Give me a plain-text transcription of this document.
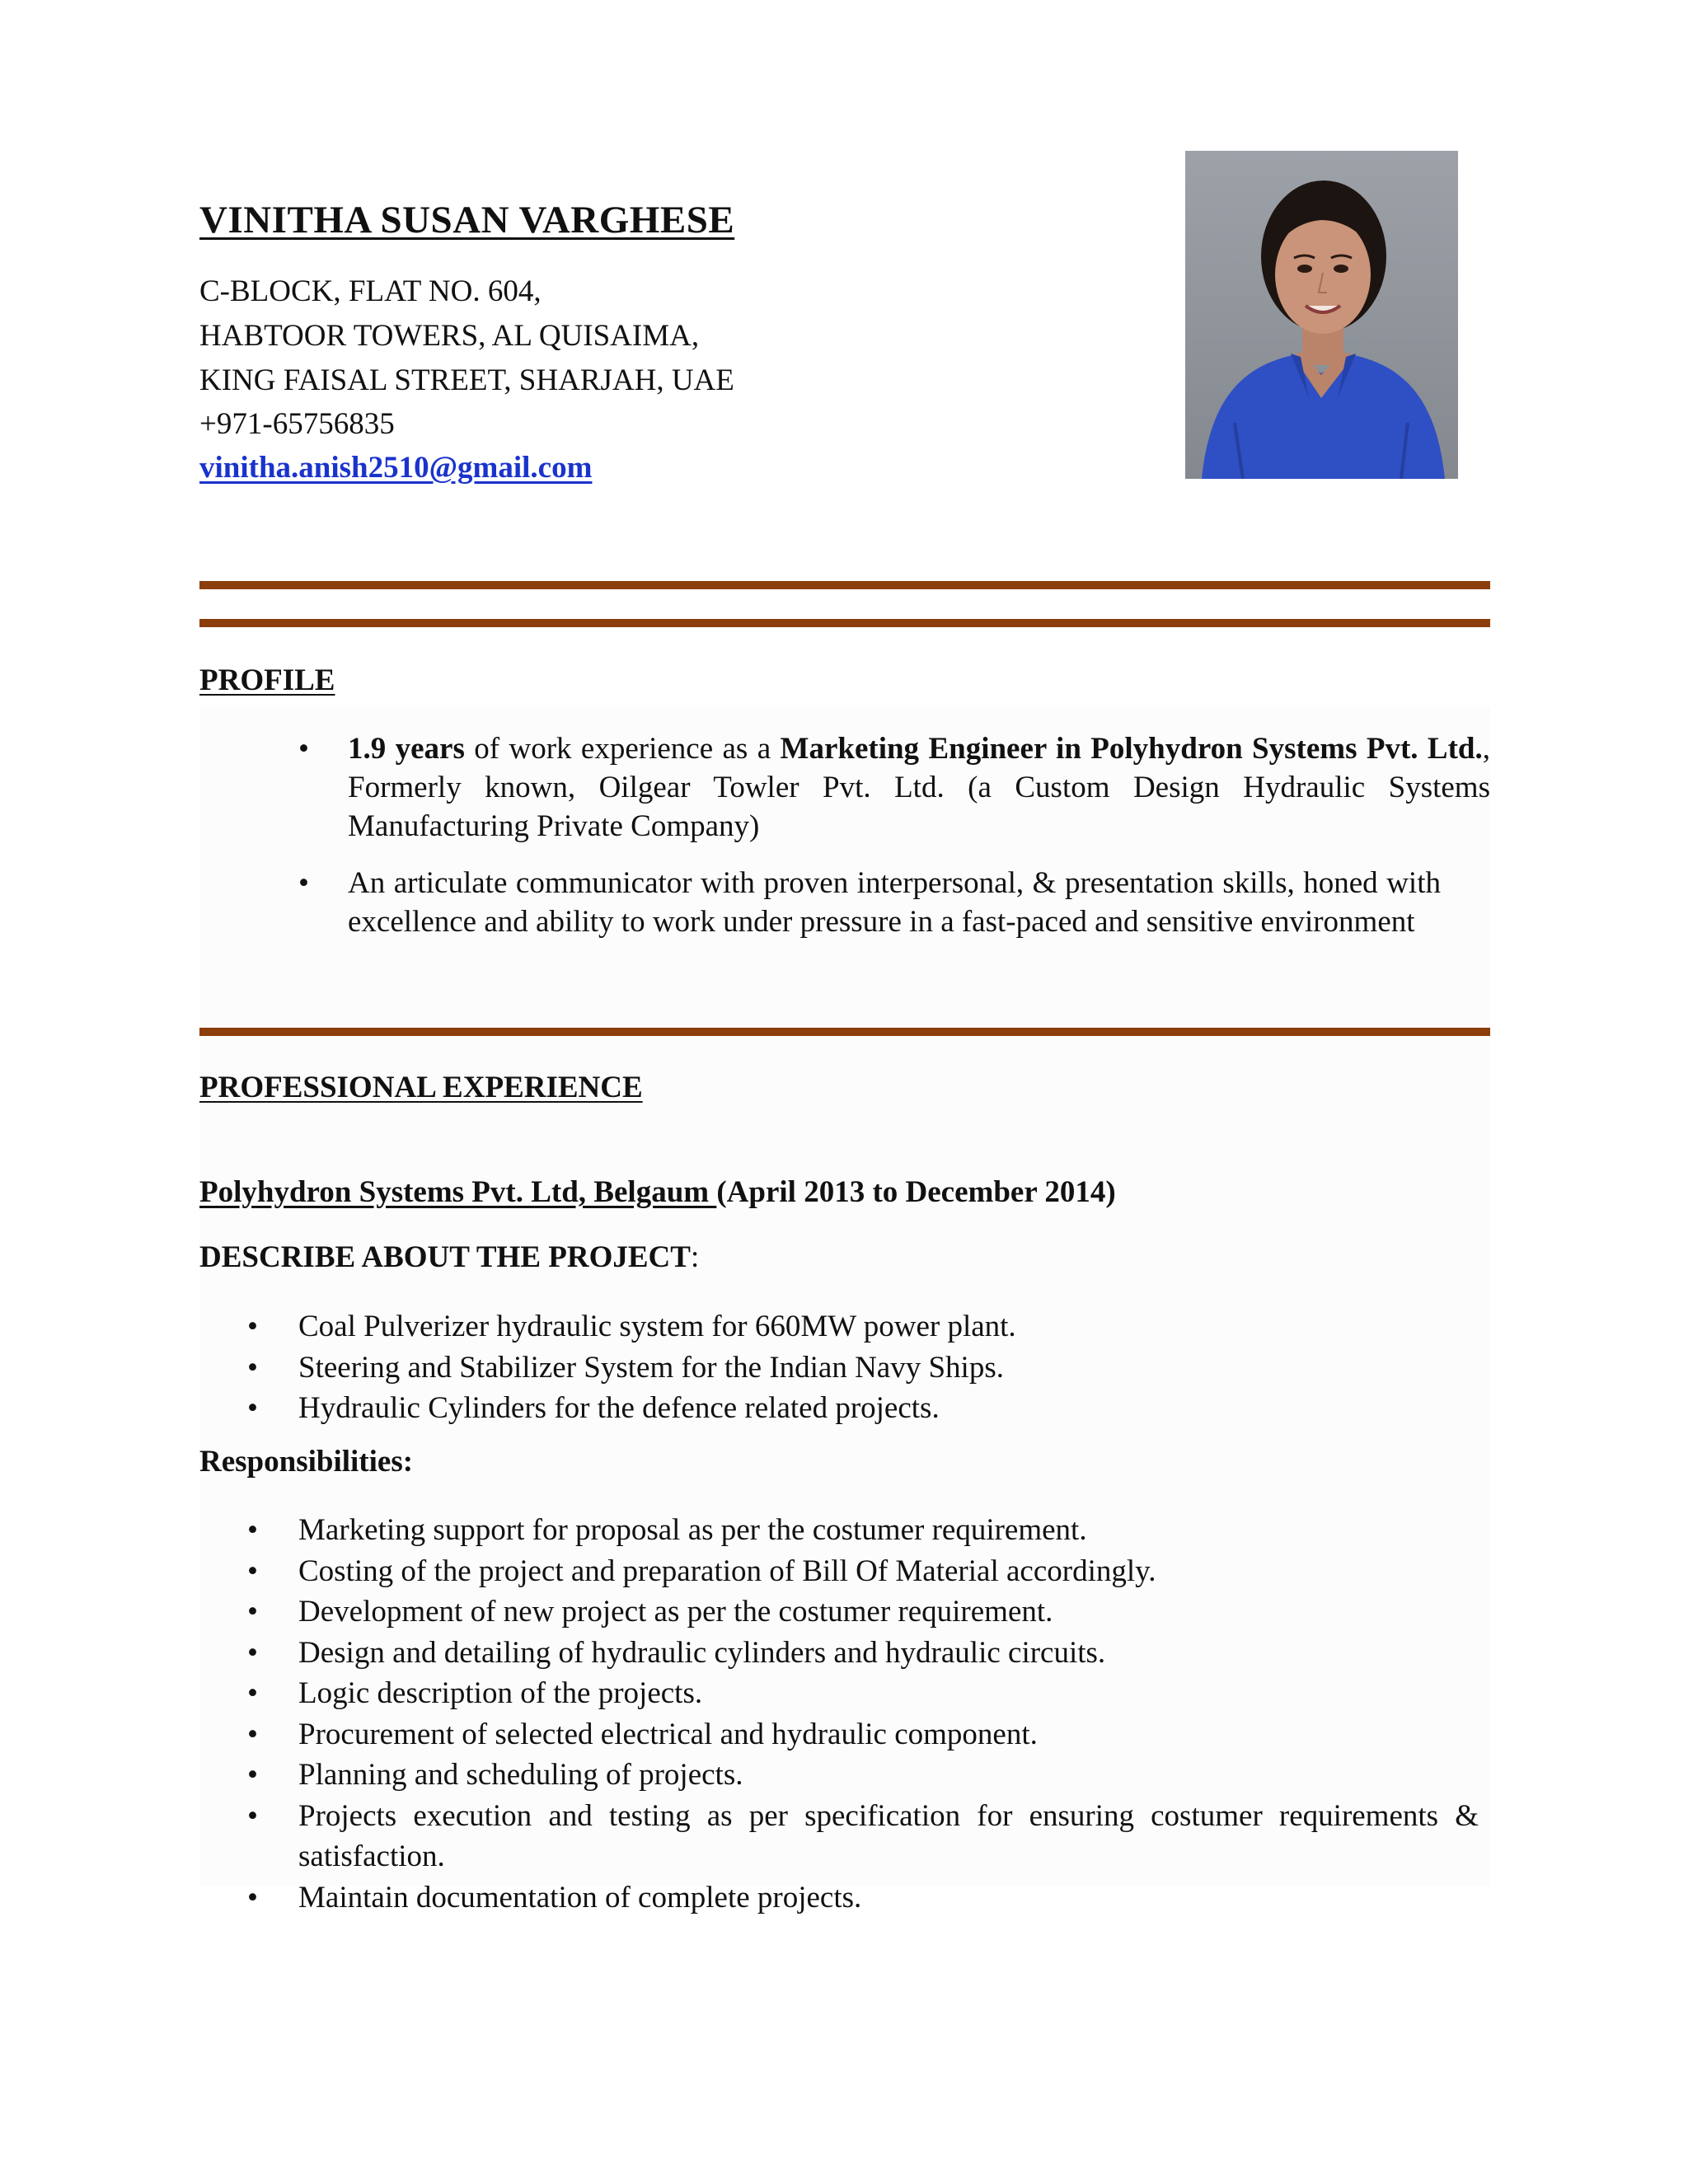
VINITHA SUSAN VARGHESE
C-BLOCK, FLAT NO. 604,
HABTOOR TOWERS, AL QUISAIMA,
KING FAISAL STREET, SHARJAH, UAE
+971-65756835
vinitha.anish2510@gmail.com
PROFILE
• 1.9 years of work experience as a Marketing Engineer in Polyhydron Systems Pvt. Ltd., Formerly known, Oilgear Towler Pvt. Ltd. (a Custom Design Hydraulic Systems Manufacturing Private Company)
• An articulate communicator with proven interpersonal, & presentation skills, honed with excellence and ability to work under pressure in a fast-paced and sensitive environment
PROFESSIONAL EXPERIENCE
Polyhydron Systems Pvt. Ltd, Belgaum (April 2013 to December 2014)
DESCRIBE ABOUT THE PROJECT:
• Coal Pulverizer hydraulic system for 660MW power plant.
• Steering and Stabilizer System for the Indian Navy Ships.
• Hydraulic Cylinders for the defence related projects.
Responsibilities:
• Marketing support for proposal as per the costumer requirement.
• Costing of the project and preparation of Bill Of Material accordingly.
• Development of new project as per the costumer requirement.
• Design and detailing of hydraulic cylinders and hydraulic circuits.
• Logic description of the projects.
• Procurement of selected electrical and hydraulic component.
• Planning and scheduling of projects.
• Projects execution and testing as per specification for ensuring costumer requirements & satisfaction.
• Maintain documentation of complete projects.
